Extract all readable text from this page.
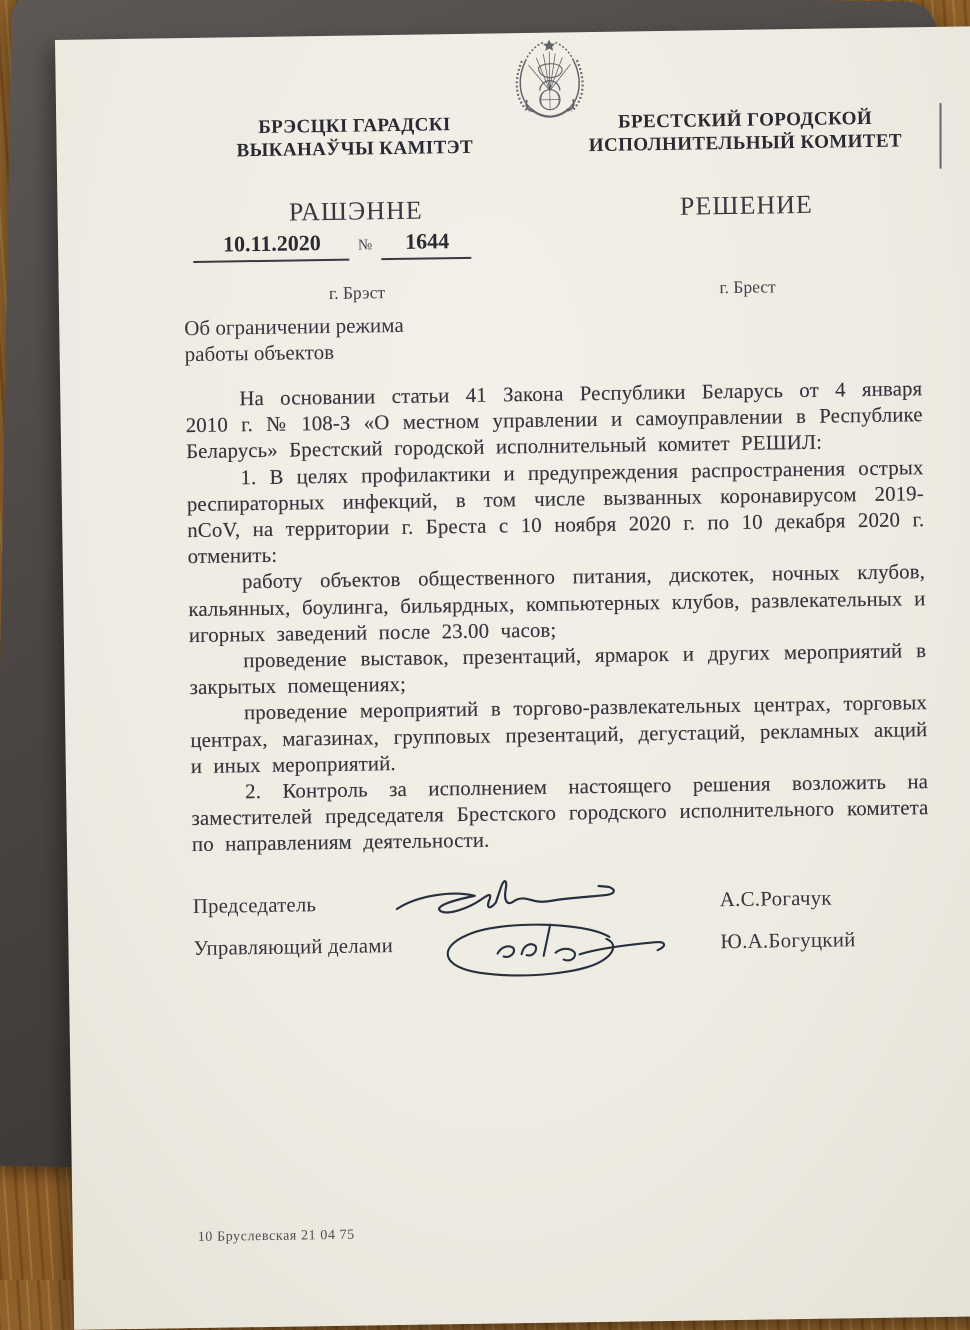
БРЭСЦКІ ГАРАДСКІ
ВЫКАНАЎЧЫ КАМІТЭТ
БРЕСТСКИЙ ГОРОДСКОЙ
ИСПОЛНИТЕЛЬНЫЙ КОМИТЕТ
РАШЭННЕ	РЕШЕНИЕ
10.11.2020	№	1644
г. Брэст	г. Брест
Об ограничении режима
работы объектов

На основании статьи 41 Закона Республики Беларусь от 4 января 2010 г. № 108-З «О местном управлении и самоуправлении в Республике Беларусь» Брестский городской исполнительный комитет РЕШИЛ:

1. В целях профилактики и предупреждения распространения острых респираторных инфекций, в том числе вызванных коронавирусом 2019-nCoV, на территории г. Бреста с 10 ноября 2020 г. по 10 декабря 2020 г. отменить:

работу объектов общественного питания, дискотек, ночных клубов, кальянных, боулинга, бильярдных, компьютерных клубов, развлекательных и игорных заведений после 23.00 часов;

проведение выставок, презентаций, ярмарок и других мероприятий в закрытых помещениях;

проведение мероприятий в торгово-развлекательных центрах, торговых центрах, магазинах, групповых презентаций, дегустаций, рекламных акций и иных мероприятий.

2. Контроль за исполнением настоящего решения возложить на заместителей председателя Брестского городского исполнительного комитета по направлениям деятельности.

Председатель	А.С.Рогачук
Управляющий делами	Ю.А.Богуцкий
10 Бруслевская 21 04 75
